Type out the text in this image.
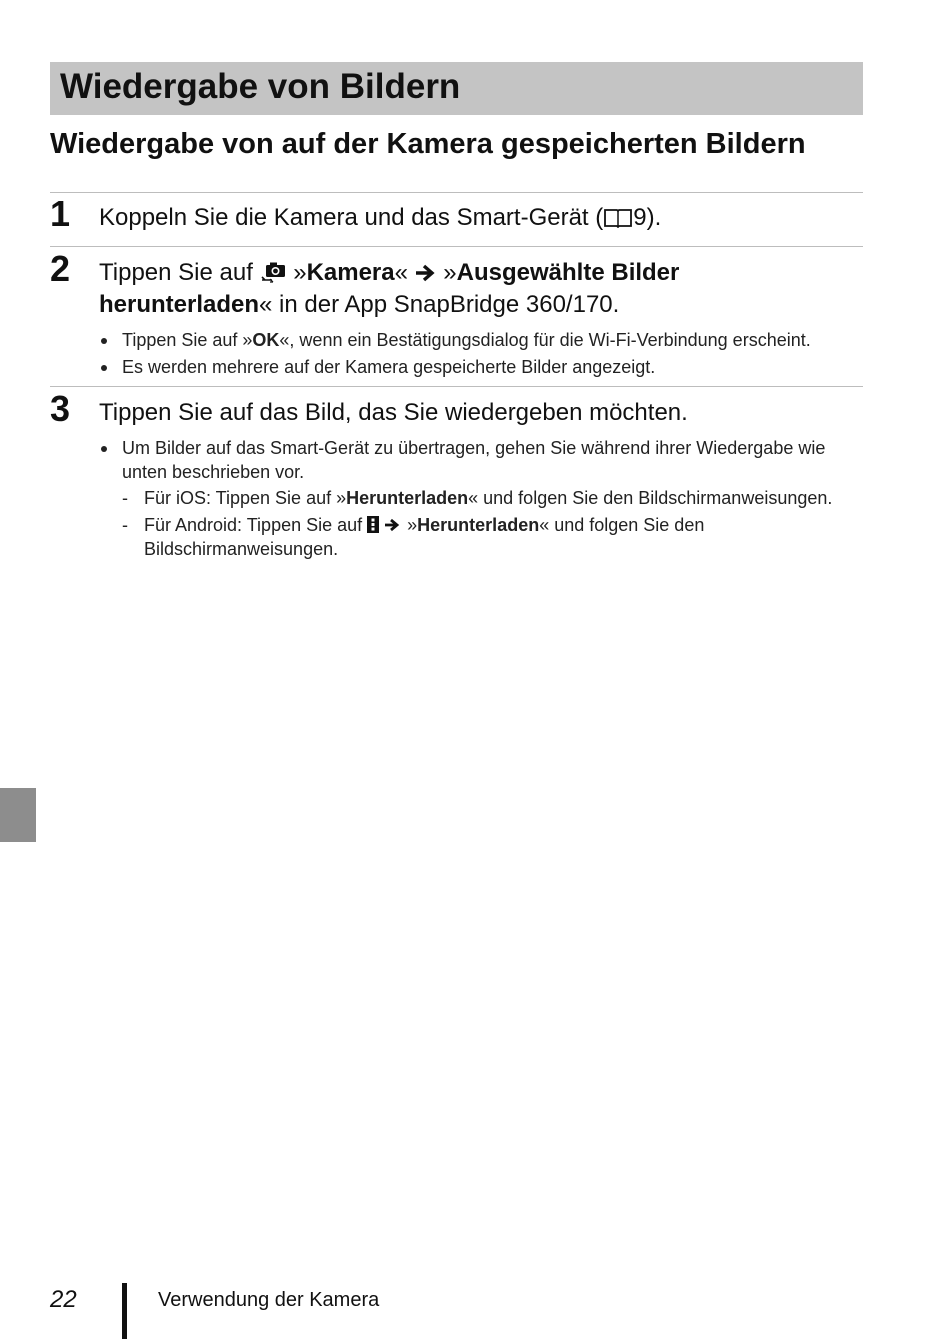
Wiedergabe von Bildern
Wiedergabe von auf der Kamera gespeicherten Bildern
1 Koppeln Sie die Kamera und das Smart-Gerät ( 9).
2 Tippen Sie auf  »Kamera«  »Ausgewählte Bilder herunterladen« in der App SnapBridge 360/170.
Tippen Sie auf »OK«, wenn ein Bestätigungsdialog für die Wi-Fi-Verbindung erscheint.
Es werden mehrere auf der Kamera gespeicherte Bilder angezeigt.
3 Tippen Sie auf das Bild, das Sie wiedergeben möchten.
Um Bilder auf das Smart-Gerät zu übertragen, gehen Sie während ihrer Wiedergabe wie unten beschrieben vor.
- Für iOS: Tippen Sie auf »Herunterladen« und folgen Sie den Bildschirmanweisungen.
- Für Android: Tippen Sie auf   »Herunterladen« und folgen Sie den Bildschirmanweisungen.
22	Verwendung der Kamera
